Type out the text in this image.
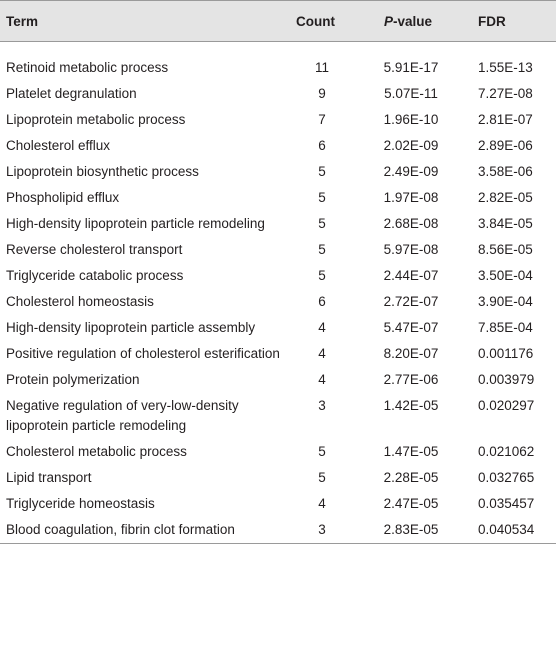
Term	Count	P-value	FDR

Retinoid metabolic process	11	5.91E-17	1.55E-13
Platelet degranulation	9	5.07E-11	7.27E-08
Lipoprotein metabolic process	7	1.96E-10	2.81E-07
Cholesterol efflux	6	2.02E-09	2.89E-06
Lipoprotein biosynthetic process	5	2.49E-09	3.58E-06
Phospholipid efflux	5	1.97E-08	2.82E-05
High-density lipoprotein particle remodeling	5	2.68E-08	3.84E-05
Reverse cholesterol transport	5	5.97E-08	8.56E-05
Triglyceride catabolic process	5	2.44E-07	3.50E-04
Cholesterol homeostasis	6	2.72E-07	3.90E-04
High-density lipoprotein particle assembly	4	5.47E-07	7.85E-04
Positive regulation of cholesterol esterification	4	8.20E-07	0.001176
Protein polymerization	4	2.77E-06	0.003979
Negative regulation of very-low-density lipoprotein particle remodeling	3	1.42E-05	0.020297
Cholesterol metabolic process	5	1.47E-05	0.021062
Lipid transport	5	2.28E-05	0.032765
Triglyceride homeostasis	4	2.47E-05	0.035457
Blood coagulation, fibrin clot formation	3	2.83E-05	0.040534
